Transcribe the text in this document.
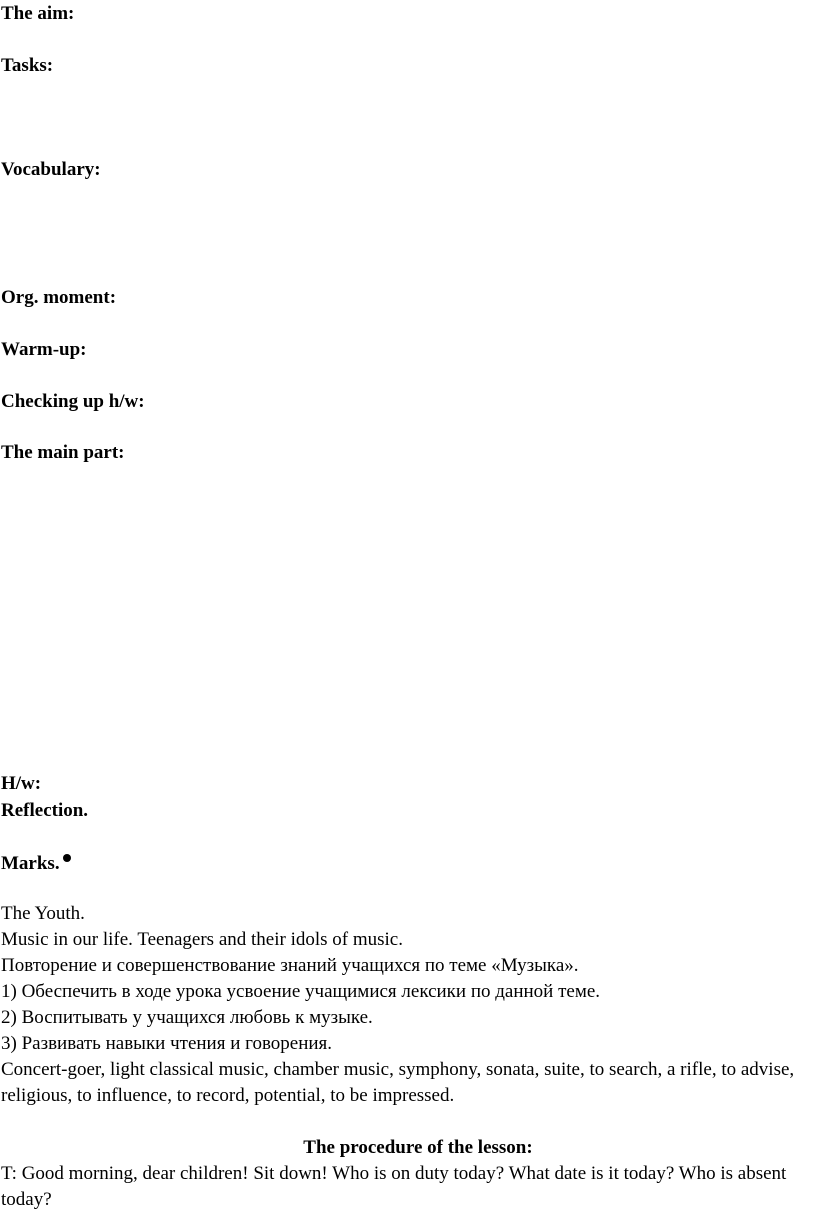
The aim:
Tasks:
Vocabulary:
Org. moment:
Warm-up:
Checking up h/w:
The main part:
H/w:
Reflection.
Marks.

The Youth.

Music in our life. Teenagers and their idols of music.

Повторение и совершенствование знаний учащихся по теме «Музыка».

1) Обеспечить в ходе урока усвоение учащимися лексики по данной теме.

2) Воспитывать у учащихся любовь к музыке.

3) Развивать навыки чтения и говорения.

Concert-goer, light classical music, chamber music, symphony, sonata, suite, to search, a rifle, to advise, religious, to influence, to record, potential, to be impressed.

The procedure of the lesson:

T: Good morning, dear children! Sit down! Who is on duty today? What date is it today? Who is absent today?
